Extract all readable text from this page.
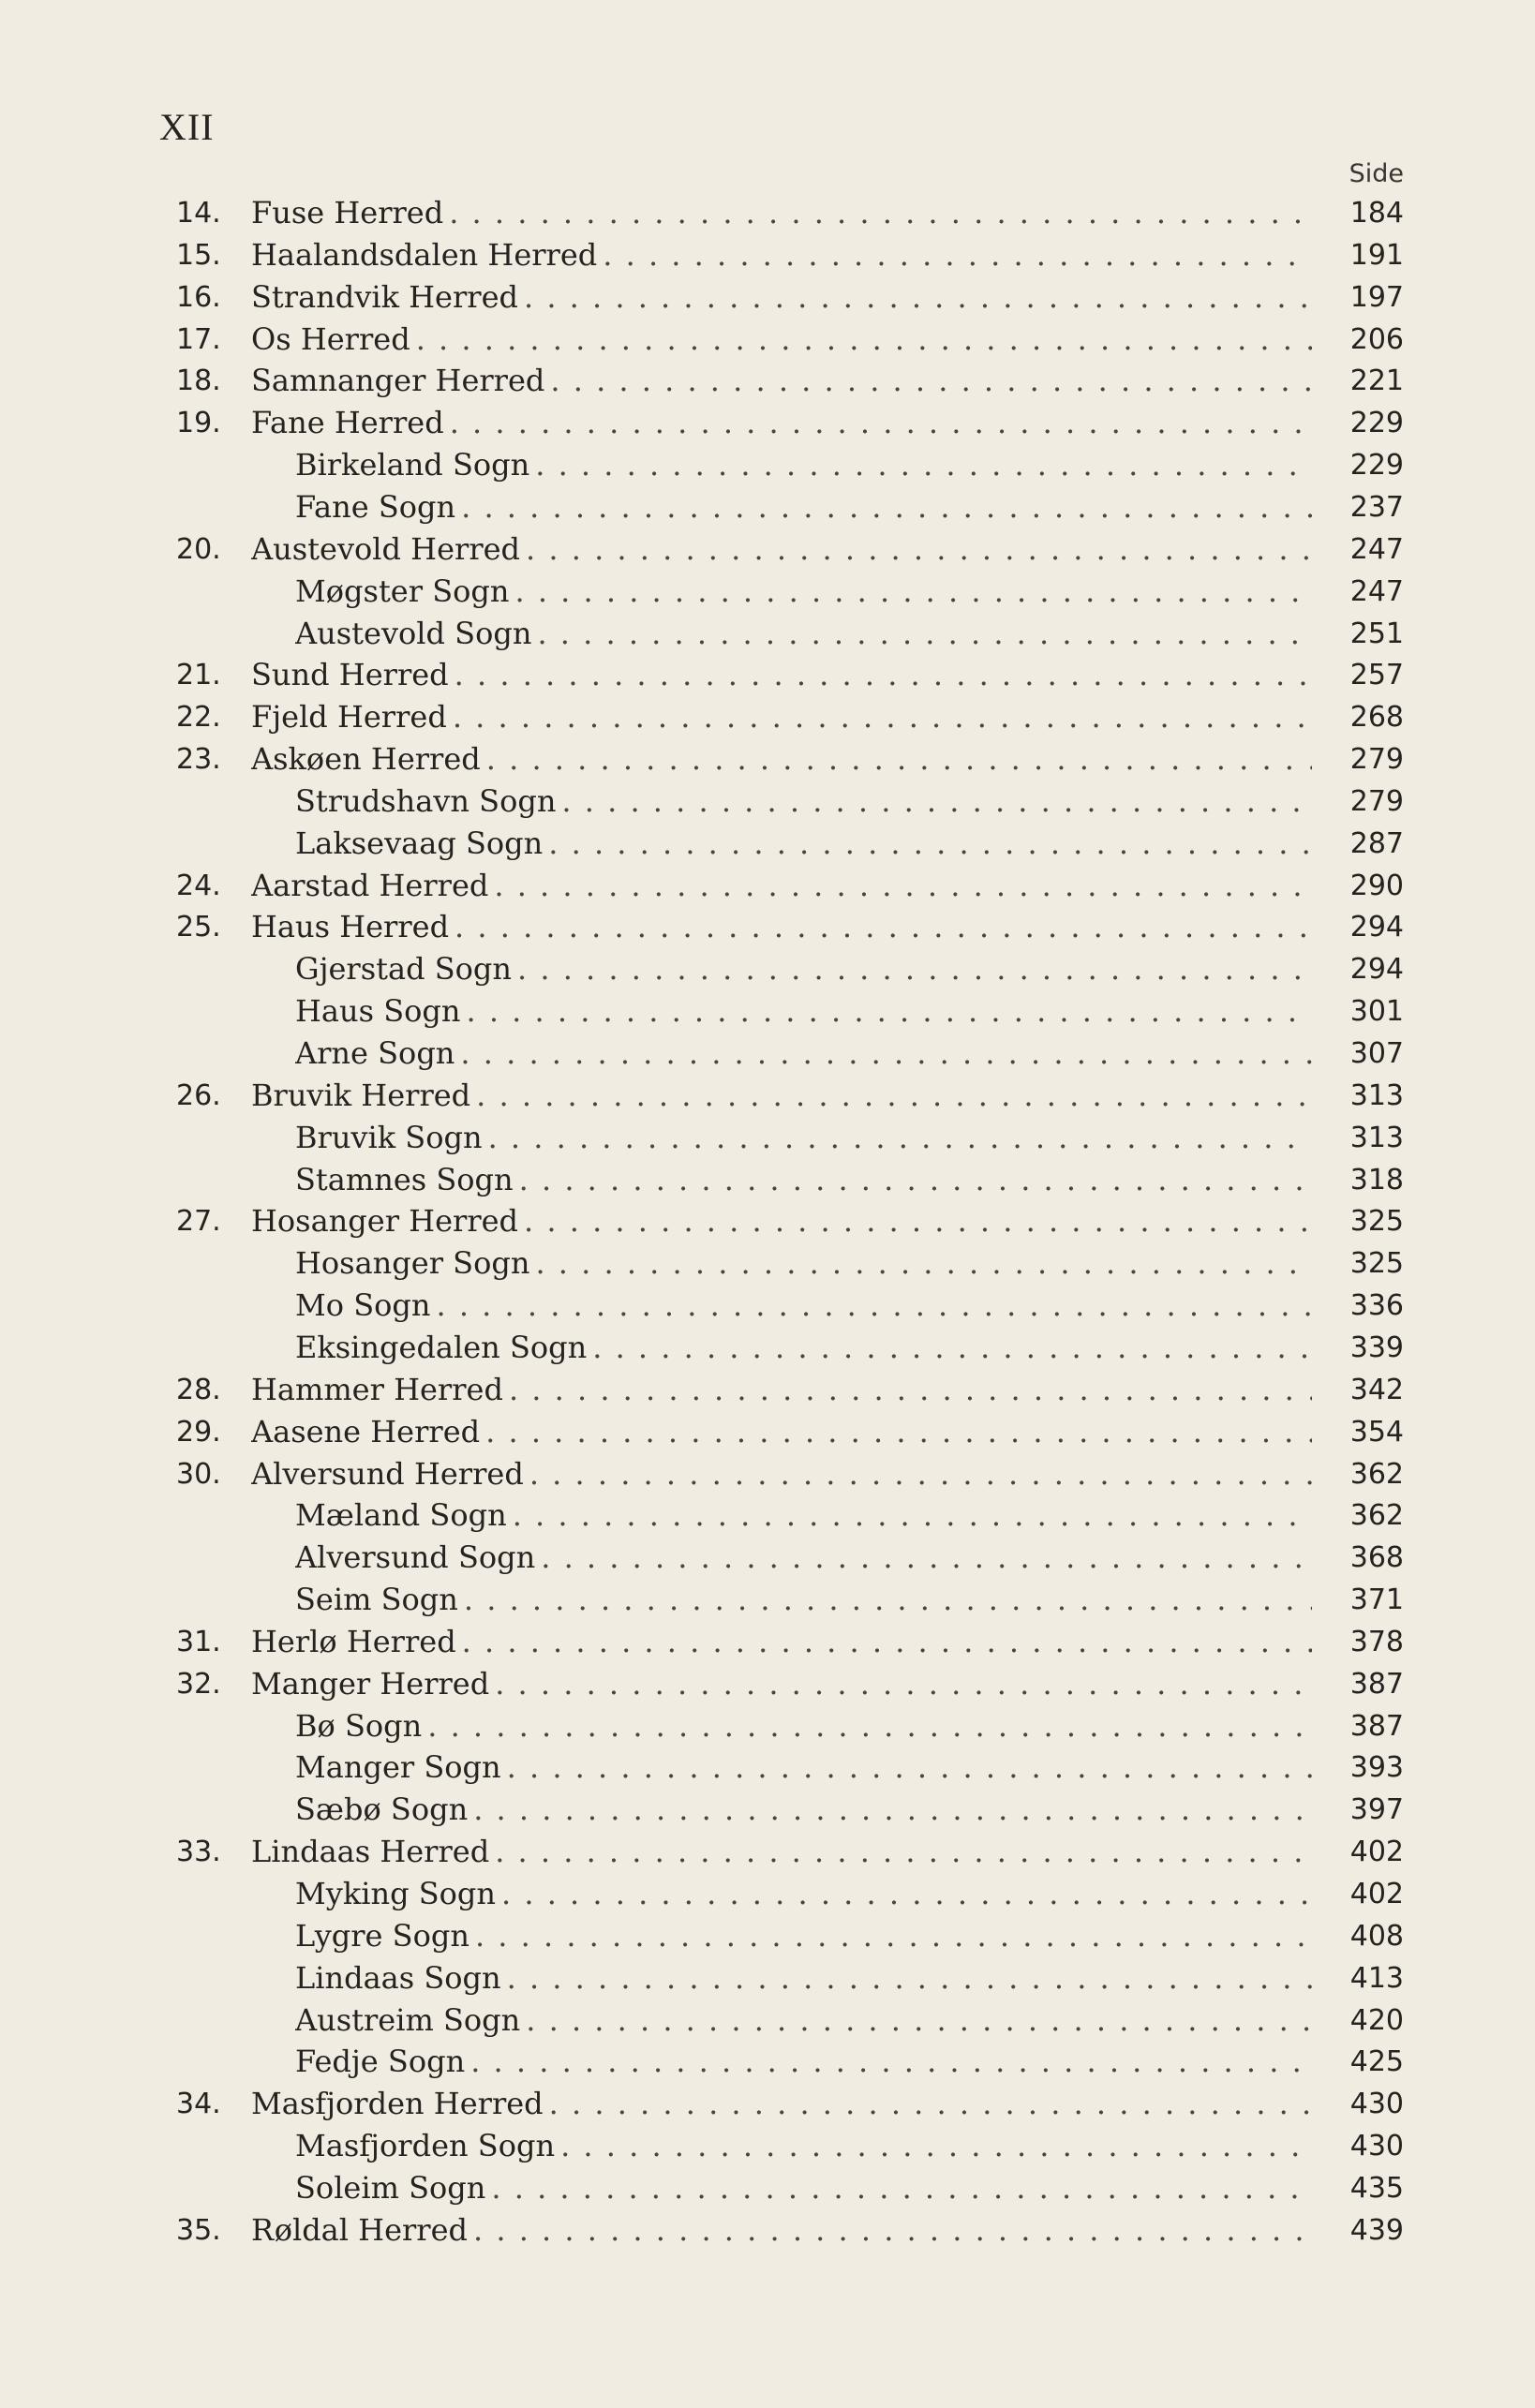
XII
Side
14.	Fuse Herred . . .	184
15.	Haalandsdalen Herred . . .	191
16.	Strandvik Herred . . .	197
17.	Os Herred . . .	206
18.	Samnanger Herred . . .	221
19.	Fane Herred . . .	229
Birkeland Sogn . . .	229
Fane Sogn . . .	237
20.	Austevold Herred . . .	247
Møgster Sogn . . .	247
Austevold Sogn . . .	251
21.	Sund Herred . . .	257
22.	Fjeld Herred . . .	268
23.	Askøen Herred . . .	279
Strudshavn Sogn . . .	279
Laksevaag Sogn . . .	287
24.	Aarstad Herred . . .	290
25.	Haus Herred . . .	294
Gjerstad Sogn . . .	294
Haus Sogn . . .	301
Arne Sogn . . .	307
26.	Bruvik Herred . . .	313
Bruvik Sogn . . .	313
Stamnes Sogn . . .	318
27.	Hosanger Herred . . .	325
Hosanger Sogn . . .	325
Mo Sogn . . .	336
Eksingedalen Sogn . . .	339
28.	Hammer Herred . . .	342
29.	Aasene Herred . . .	354
30.	Alversund Herred . . .	362
Mæland Sogn . . .	362
Alversund Sogn . . .	368
Seim Sogn . . .	371
31.	Herlø Herred . . .	378
32.	Manger Herred . . .	387
Bø Sogn . . .	387
Manger Sogn . . .	393
Sæbø Sogn . . .	397
33.	Lindaas Herred . . .	402
Myking Sogn . . .	402
Lygre Sogn . . .	408
Lindaas Sogn . . .	413
Austreim Sogn . . .	420
Fedje Sogn . . .	425
34.	Masfjorden Herred . . .	430
Masfjorden Sogn . . .	430
Soleim Sogn . . .	435
35.	Røldal Herred . . .	439
